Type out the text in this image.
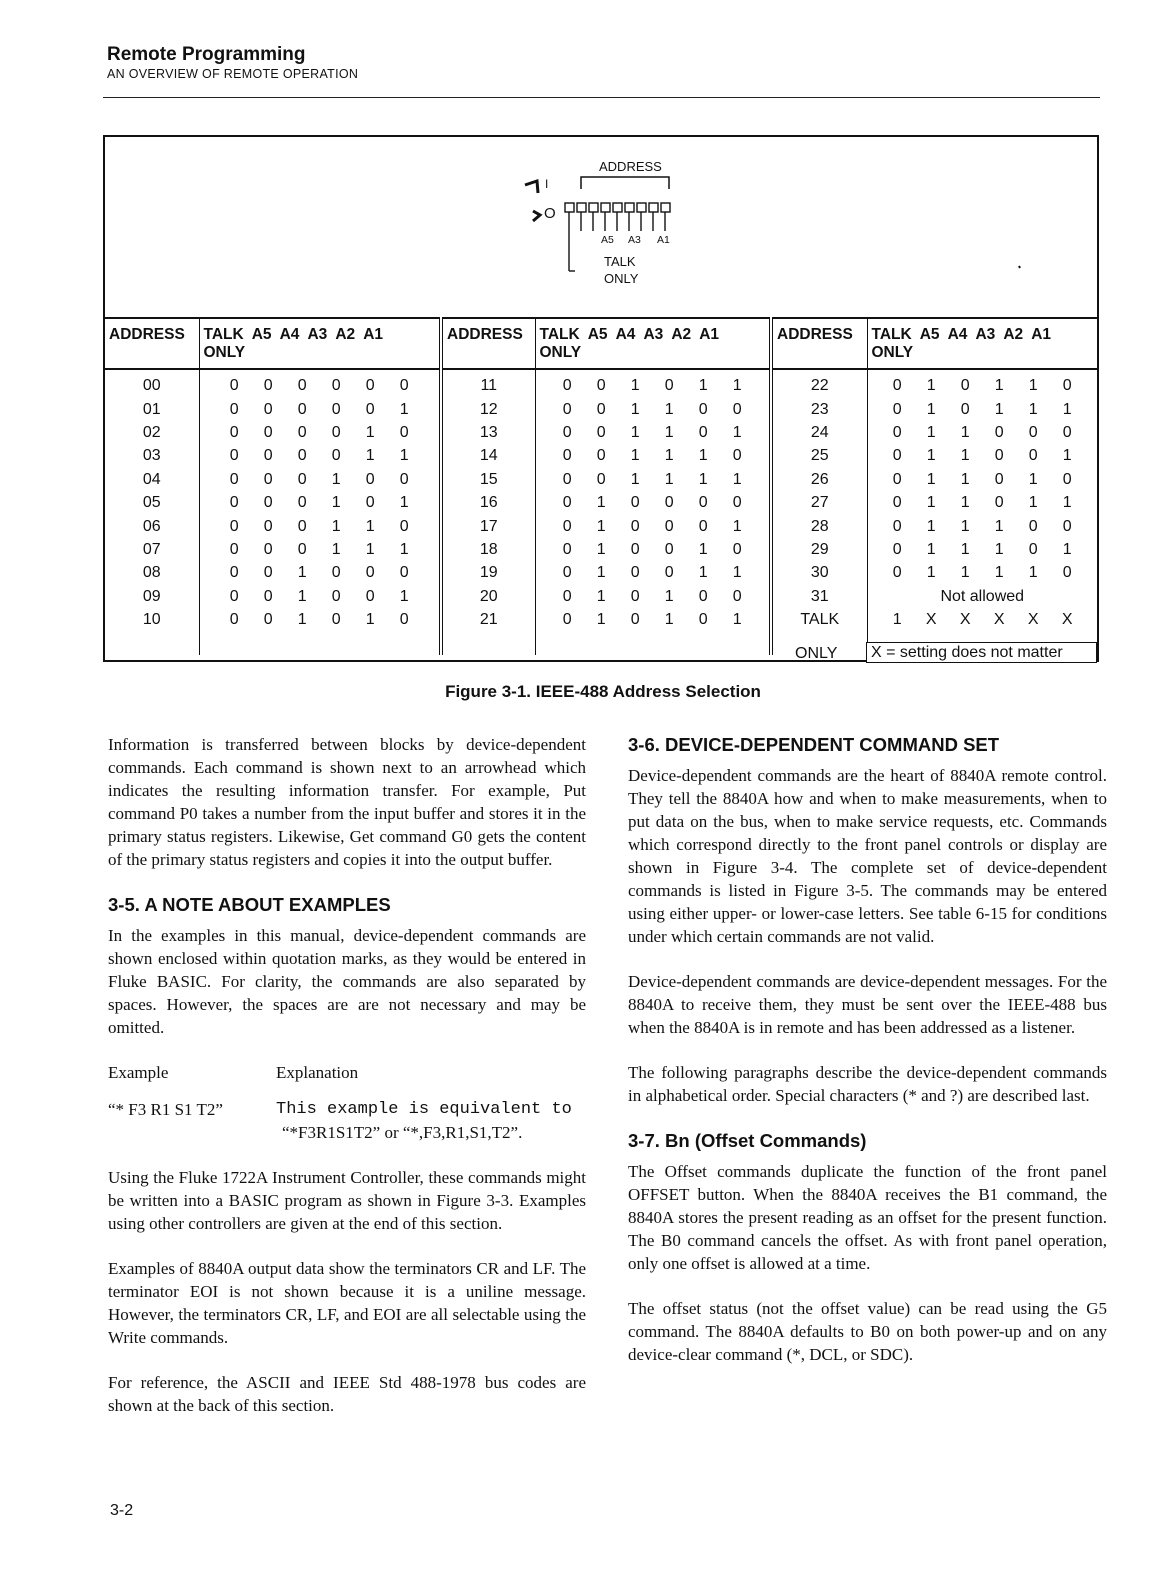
Remote Programming
AN OVERVIEW OF REMOTE OPERATION
ADDRESS
I
O
A5 A3 A1
TALK
ONLY
ADDRESS	TALK A5 A4 A3 A2 A1
ONLY	ADDRESS	TALK A5 A4 A3 A2 A1
ONLY	ADDRESS	TALK A5 A4 A3 A2 A1
ONLY
00	0 0 0 0 0 0	11	0 0 1 0 1 1	22	0 1 0 1 1 0
01	0 0 0 0 0 1	12	0 0 1 1 0 0	23	0 1 0 1 1 1
02	0 0 0 0 1 0	13	0 0 1 1 0 1	24	0 1 1 0 0 0
03	0 0 0 0 1 1	14	0 0 1 1 1 0	25	0 1 1 0 0 1
04	0 0 0 1 0 0	15	0 0 1 1 1 1	26	0 1 1 0 1 0
05	0 0 0 1 0 1	16	0 1 0 0 0 0	27	0 1 1 0 1 1
06	0 0 0 1 1 0	17	0 1 0 0 0 1	28	0 1 1 1 0 0
07	0 0 0 1 1 1	18	0 1 0 0 1 0	29	0 1 1 1 0 1
08	0 0 1 0 0 0	19	0 1 0 0 1 1	30	0 1 1 1 1 0
09	0 0 1 0 0 1	20	0 1 0 1 0 0	31	Not allowed
10	0 0 1 0 1 0	21	0 1 0 1 0 1	TALK	1 X X X X X

ONLY	X = setting does not matter
Figure 3-1. IEEE-488 Address Selection

Information is transferred between blocks by device-dependent commands. Each command is shown next to an arrowhead which indicates the resulting information transfer. For example, Put command P0 takes a number from the input buffer and stores it in the primary status registers. Likewise, Get command G0 gets the content of the primary status registers and copies it into the output buffer.

3-5. A NOTE ABOUT EXAMPLES

In the examples in this manual, device-dependent commands are shown enclosed within quotation marks, as they would be entered in Fluke BASIC. For clarity, the commands are also separated by spaces. However, the spaces are are not necessary and may be omitted.

Example	Explanation
“* F3 R1 S1 T2”	This example is equivalent to
“*F3R1S1T2” or “*,F3,R1,S1,T2”.

Using the Fluke 1722A Instrument Controller, these commands might be written into a BASIC program as shown in Figure 3-3. Examples using other controllers are given at the end of this section.

Examples of 8840A output data show the terminators CR and LF. The terminator EOI is not shown because it is a uniline message. However, the terminators CR, LF, and EOI are all selectable using the Write commands.

For reference, the ASCII and IEEE Std 488-1978 bus codes are shown at the back of this section.

3-6. DEVICE-DEPENDENT COMMAND SET

Device-dependent commands are the heart of 8840A remote control. They tell the 8840A how and when to make measurements, when to put data on the bus, when to make service requests, etc. Commands which correspond directly to the front panel controls or display are shown in Figure 3-4. The complete set of device-dependent commands is listed in Figure 3-5. The commands may be entered using either upper- or lower-case letters. See table 6-15 for conditions under which certain commands are not valid.

Device-dependent commands are device-dependent messages. For the 8840A to receive them, they must be sent over the IEEE-488 bus when the 8840A is in remote and has been addressed as a listener.

The following paragraphs describe the device-dependent commands in alphabetical order. Special characters (* and ?) are described last.

3-7. Bn (Offset Commands)

The Offset commands duplicate the function of the front panel OFFSET button. When the 8840A receives the B1 command, the 8840A stores the present reading as an offset for the present function. The B0 command cancels the offset. As with front panel operation, only one offset is allowed at a time.

The offset status (not the offset value) can be read using the G5 command. The 8840A defaults to B0 on both power-up and on any device-clear command (*, DCL, or SDC).

3-2
